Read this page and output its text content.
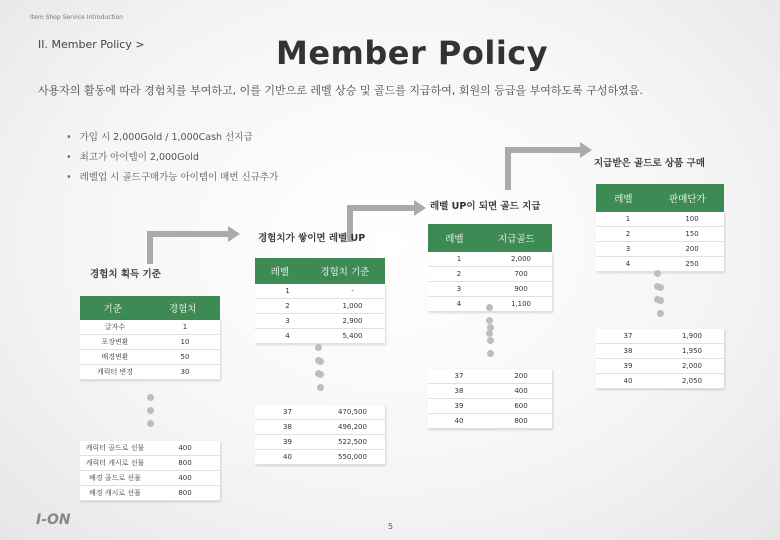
Item Shop Service Introduction
II. Member Policy >	Member Policy
사용자의 활동에 따라 경험치를 부여하고, 이를 기반으로 레벨 상승 및 골드를 지급하여, 회원의 등급을 부여하도록 구성하였음.
• 가입 시 2,000Gold / 1,000Cash 선지급
• 최고가 아이템이 2,000Gold
• 레벨업 시 골드구매가능 아이템이 매번 신규추가
경험치 획득 기준
경험치가 쌓이면 레벨 UP
레벨 UP이 되면 골드 지급
지급받은 골드로 상품 구매
기준	경험치
글자수	1
포장변환	10
배경변환	50
캐릭터 변경	30
캐릭터 골드로 선물	400
캐릭터 캐시로 선물	800
배경 골드로 선물	400
배경 캐시로 선물	800
레벨	경험치 기준
1	-
2	1,000
3	2,900
4	5,400
37	470,500
38	496,200
39	522,500
40	550,000
레벨	지급골드
1	2,000
2	700
3	900
4	1,100
37	200
38	400
39	600
40	800
레벨	판매단가
1	100
2	150
3	200
4	250
37	1,900
38	1,950
39	2,000
40	2,050
I-ON	5
